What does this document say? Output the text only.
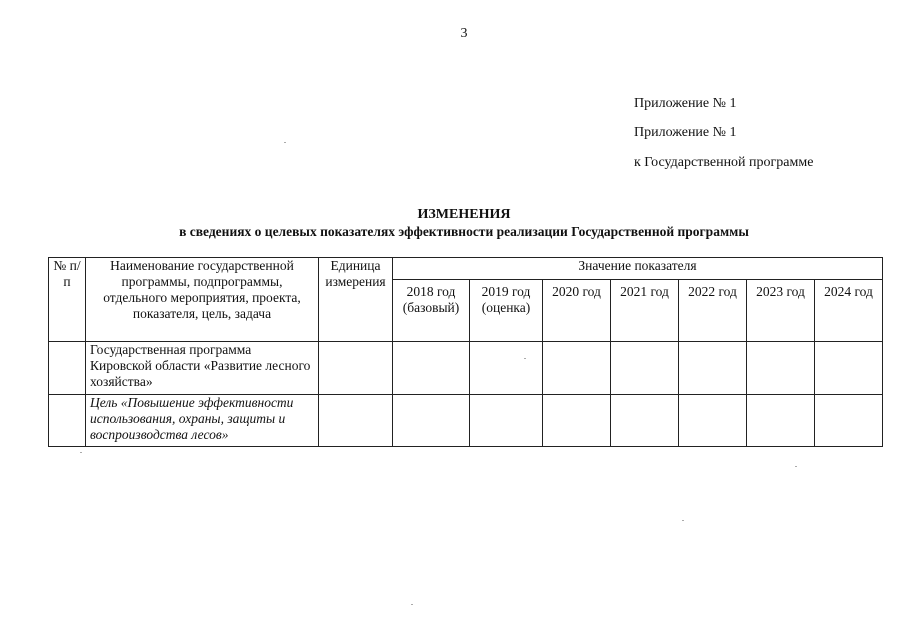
3
Приложение № 1
Приложение № 1
к Государственной программе
ИЗМЕНЕНИЯ
в сведениях о целевых показателях эффективности реализации Государственной программы
№ п/п	Наименование государственной программы, подпрограммы, отдельного мероприятия, проекта, показателя, цель, задача	Единица измерения	Значение показателя						
			2018 год (базовый)	2019 год (оценка)	2020 год	2021 год	2022 год	2023 год	2024 год
	Государственная программа Кировской области «Развитие лесного хозяйства»								
	Цель «Повышение эффективности использования, охраны, защиты и воспроизводства лесов»								
